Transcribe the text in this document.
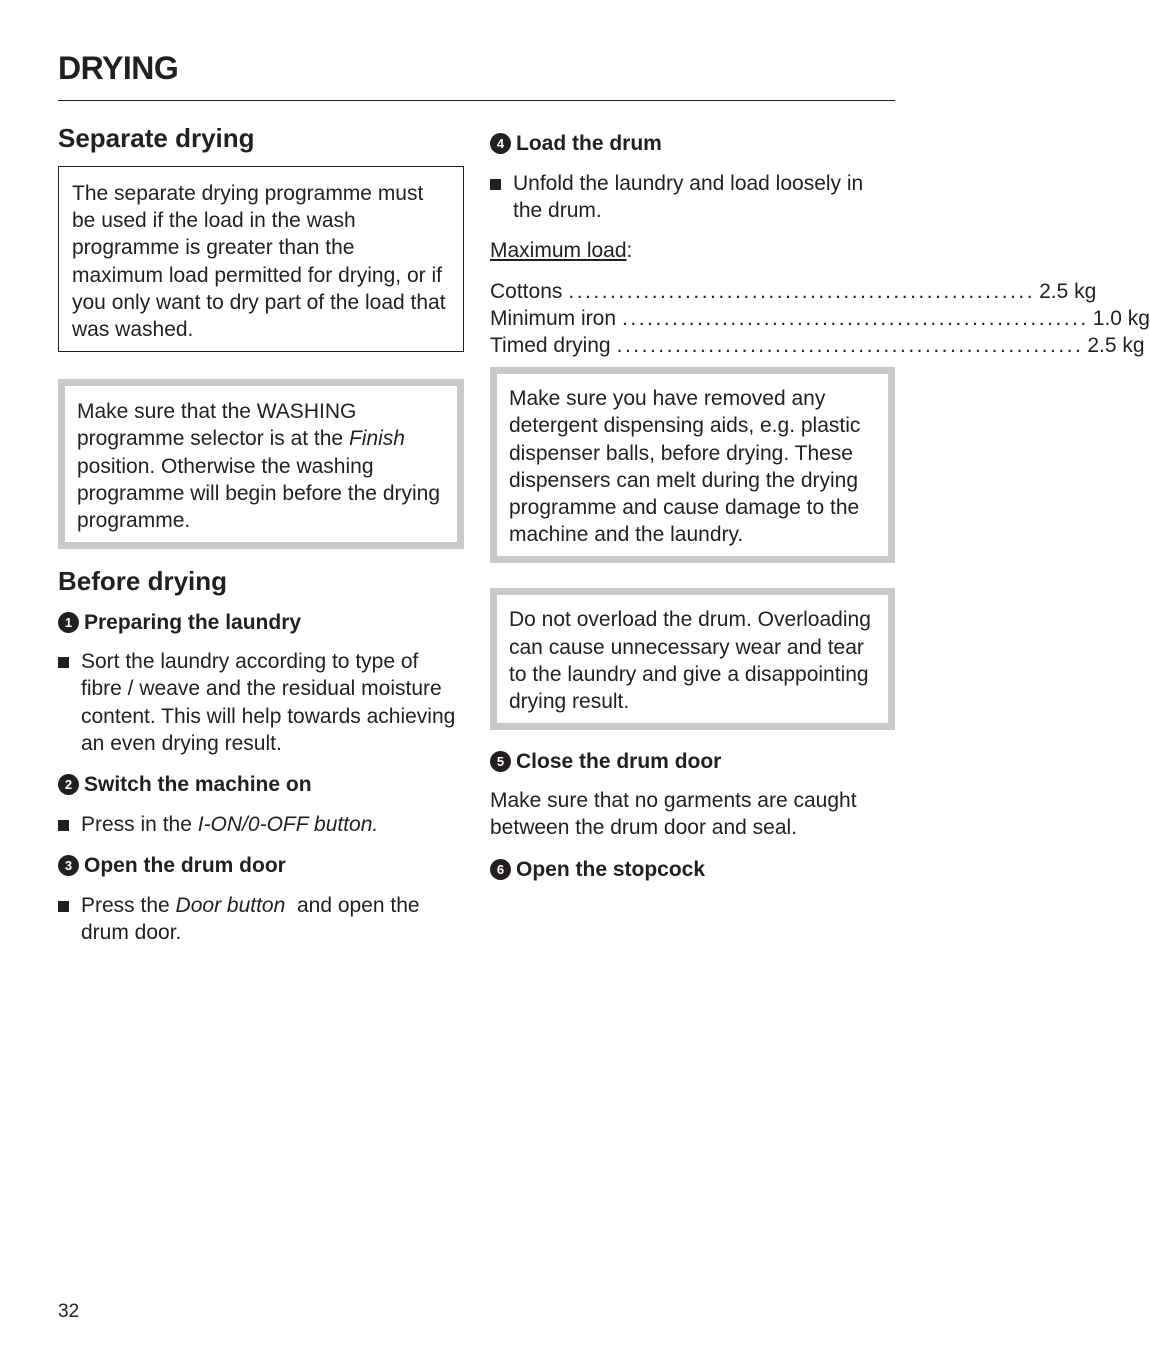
DRYING
Separate drying
The separate drying programme must be used if the load in the wash programme is greater than the maximum load permitted for drying, or if you only want to dry part of the load that was washed.
Make sure that the WASHING programme selector is at the Finish position. Otherwise the washing programme will begin before the drying programme.
Before drying
1 Preparing the laundry
Sort the laundry according to type of fibre / weave and the residual moisture content. This will help towards achieving an even drying result.
2 Switch the machine on
Press in the I-ON/0-OFF button.
3 Open the drum door
Press the Door button  and open the drum door.
4 Load the drum
Unfold the laundry and load loosely in the drum.
Maximum load:
Cottons ........................................................ 2.5 kg
Minimum iron ........................................................ 1.0 kg
Timed drying ........................................................ 2.5 kg
Make sure you have removed any detergent dispensing aids, e.g. plastic dispenser balls, before drying. These dispensers can melt during the drying programme and cause damage to the machine and the laundry.
Do not overload the drum. Overloading can cause unnecessary wear and tear to the laundry and give a disappointing drying result.
5 Close the drum door
Make sure that no garments are caught between the drum door and seal.
6 Open the stopcock
32
